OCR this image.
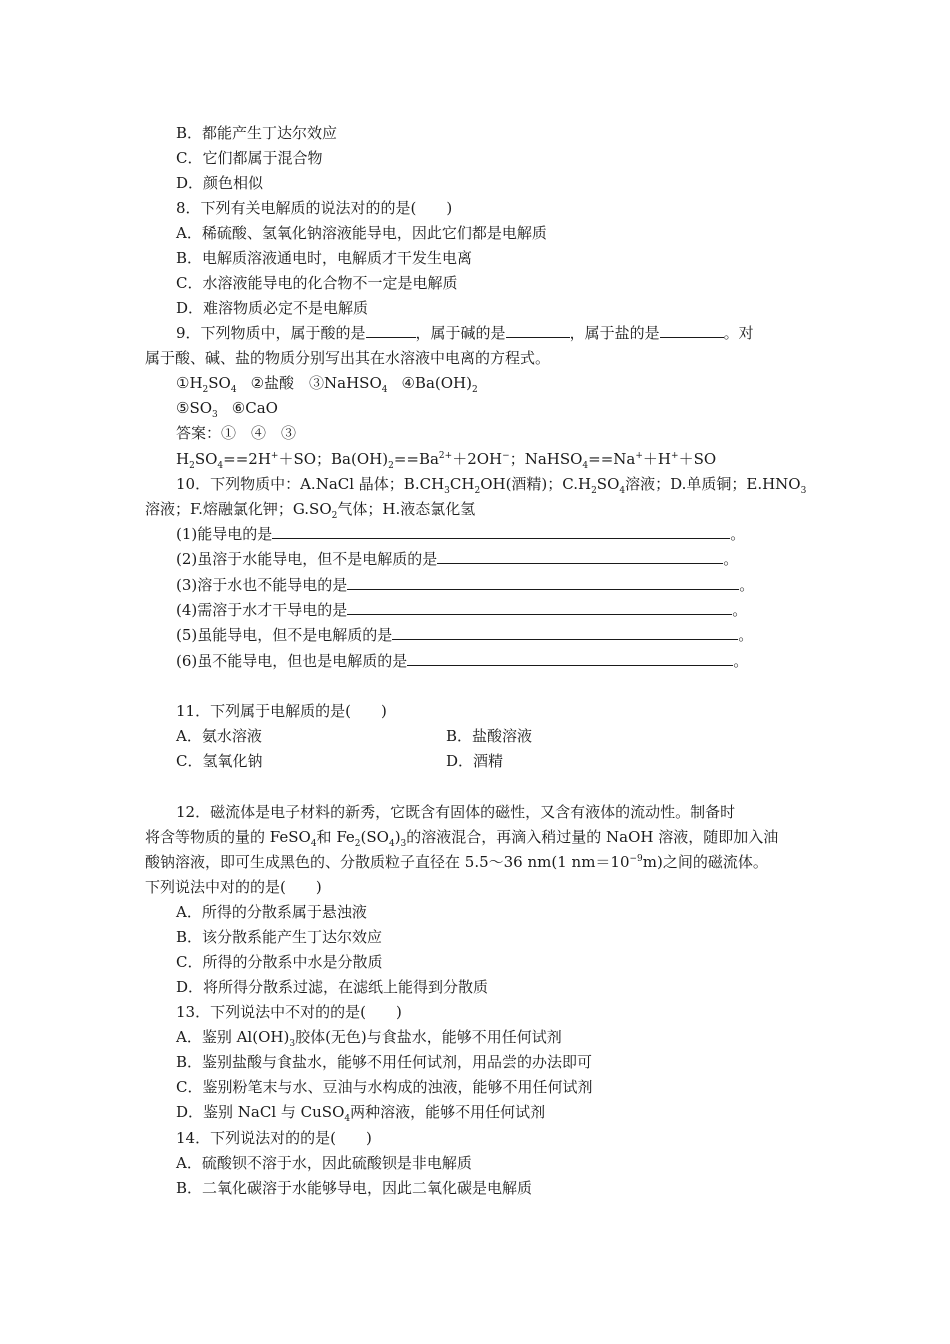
B．都能产生丁达尔效应
C．它们都属于混合物
D．颜色相似
8．下列有关电解质的说法对的的是(　　)
A．稀硫酸、氢氧化钠溶液能导电，因此它们都是电解质
B．电解质溶液通电时，电解质才干发生电离
C．水溶液能导电的化合物不一定是电解质
D．难溶物质必定不是电解质
9．下列物质中，属于酸的是	，属于碱的是	，属于盐的是	。对
属于酸、碱、盐的物质分别写出其在水溶液中电离的方程式。
$①H_2SO_4$ ②盐酸　③NaHSO$_4$ $④Ba(OH)_2$
$⑤SO_3$ ⑥CaO
答案：①　④　③
$H_2SO_4==2H^++SO$；$Ba(OH)_2==Ba^{2+}+2OH^-$；NaHSO$_4$==Na+＋H+＋SO
10．下列物质中：A.NaCl 晶体；$B.CH_3CH_2OH$(酒精)；$C.H_2SO_4$溶液；D.单质铜；$E.HNO_3$
溶液；F.熔融氯化钾；$G.SO_2$气体；H.液态氯化氢
(1)能导电的是	。
(2)虽溶于水能导电，但不是电解质的是	。
(3)溶于水也不能导电的是	。
(4)需溶于水才干导电的是	。
(5)虽能导电，但不是电解质的是	。
(6)虽不能导电，但也是电解质的是	。
11．下列属于电解质的是(　　)
A．氨水溶液	B．盐酸溶液
C．氢氧化钠	D．酒精
12．磁流体是电子材料的新秀，它既含有固体的磁性，又含有液体的流动性。制备时
将含等物质的量的 FeSO$_4$和 $Fe_2(SO_4)_3$的溶液混合，再滴入稍过量的 NaOH 溶液，随即加入油
酸钠溶液，即可生成黑色的、分散质粒子直径在 5.5～36 nm(1 $nm=10^{-9}m$)之间的磁流体。
下列说法中对的的是(　　)
A．所得的分散系属于悬浊液
B．该分散系能产生丁达尔效应
C．所得的分散系中水是分散质
D．将所得分散系过滤，在滤纸上能得到分散质
13．下列说法中不对的的是(　　)
A．鉴别 $Al(OH)_3$胶体(无色)与食盐水，能够不用任何试剂
B．鉴别盐酸与食盐水，能够不用任何试剂，用品尝的办法即可
C．鉴别粉笔末与水、豆油与水构成的浊液，能够不用任何试剂
D．鉴别 NaCl 与 CuSO$_4$两种溶液，能够不用任何试剂
14．下列说法对的的是(　　)
A．硫酸钡不溶于水，因此硫酸钡是非电解质
B．二氧化碳溶于水能够导电，因此二氧化碳是电解质
